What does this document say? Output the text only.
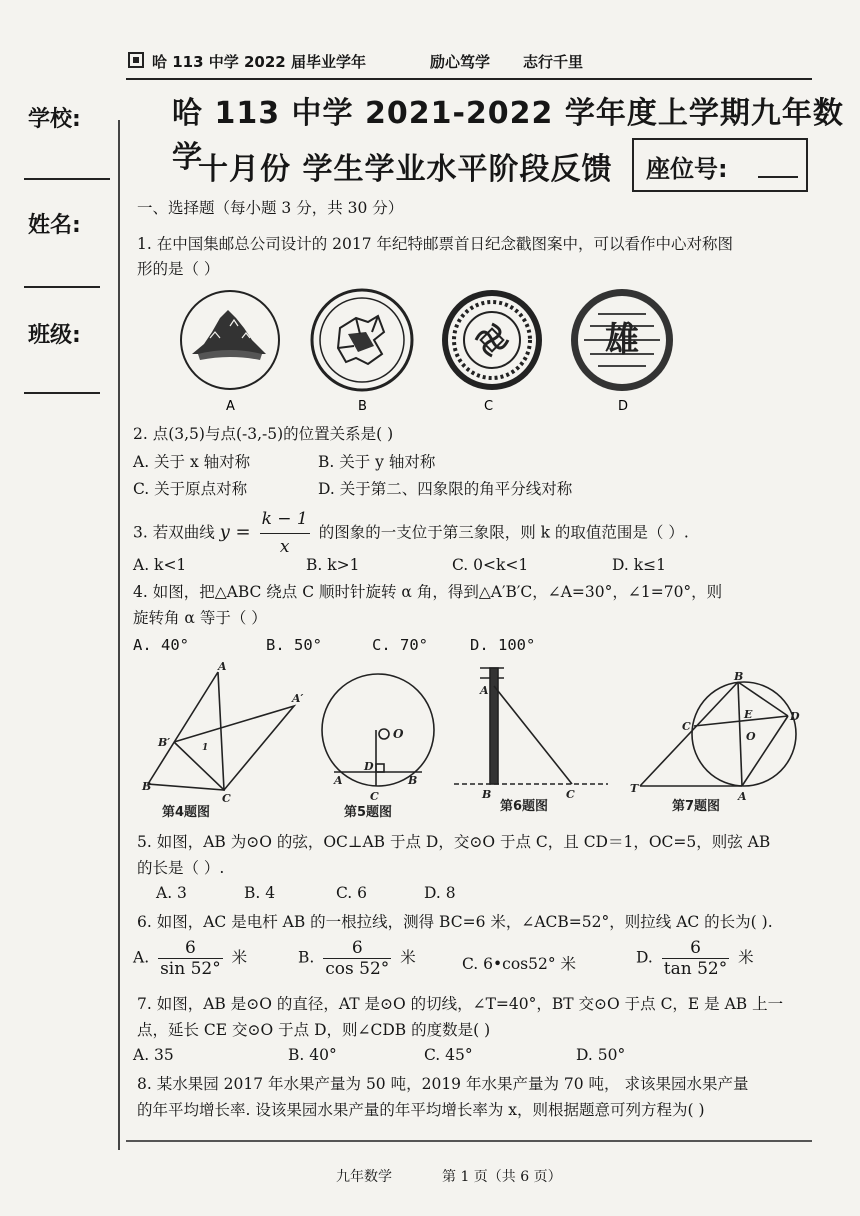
哈 113 中学 2022 届毕业学年	励心笃学 志行千里
学校:
姓名:
班级:
哈 113 中学 2021-2022 学年度上学期九年数学
十月份 学生学业水平阶段反馈 座位号:
一、选择题（每小题 3 分，共 30 分）
1. 在中国集邮总公司设计的 2017 年纪特邮票首日纪念戳图案中，可以看作中心对称图
形的是（ ）
雄
A	B	C	D
2. 点(3,5)与点(-3,-5)的位置关系是( )
A. 关于 x 轴对称	B. 关于 y 轴对称
C. 关于原点对称	D. 关于第二、四象限的角平分线对称
3. 若双曲线 $y = \frac{k - 1}{x}$ 的图象的一支位于第三象限，则 k 的取值范围是（ ）.
A. k<1	B. k>1	C. 0<k<1	D. k≤1
4. 如图，把△ABC 绕点 C 顺时针旋转 α 角，得到△A′B′C，∠A=30°，∠1=70°，则
旋转角 α 等于（ ）
A. 40°	B. 50°	C. 70°	D. 100°
A
A′
B′
B
C
1
O
D
A	B
C
A
B	C
B
C
E	D
O
T
A
第4题图	第5题图	第6题图	第7题图
5. 如图，AB 为⊙O 的弦，OC⊥AB 于点 D，交⊙O 于点 C，且 CD＝1，OC=5，则弦 AB
的长是（ ）.
A. 3	B. 4	C. 6	D. 8
6. 如图，AC 是电杆 AB 的一根拉线，测得 BC=6 米，∠ACB=52°，则拉线 AC 的长为( ).
A. $\frac{6}{\sin 52^\circ}$ 米	B. $\frac{6}{\cos 52^\circ}$ 米	C. 6•cos52° 米	D. $\frac{6}{\tan 52^\circ}$ 米
7. 如图，AB 是⊙O 的直径，AT 是⊙O 的切线，∠T=40°，BT 交⊙O 于点 C，E 是 AB 上一
点，延长 CE 交⊙O 于点 D，则∠CDB 的度数是( )
A. 35	B. 40°	C. 45°	D. 50°
8. 某水果园 2017 年水果产量为 50 吨，2019 年水果产量为 70 吨， 求该果园水果产量
的年平均增长率. 设该果园水果产量的年平均增长率为 x，则根据题意可列方程为( )
九年数学	第 1 页（共 6 页）
